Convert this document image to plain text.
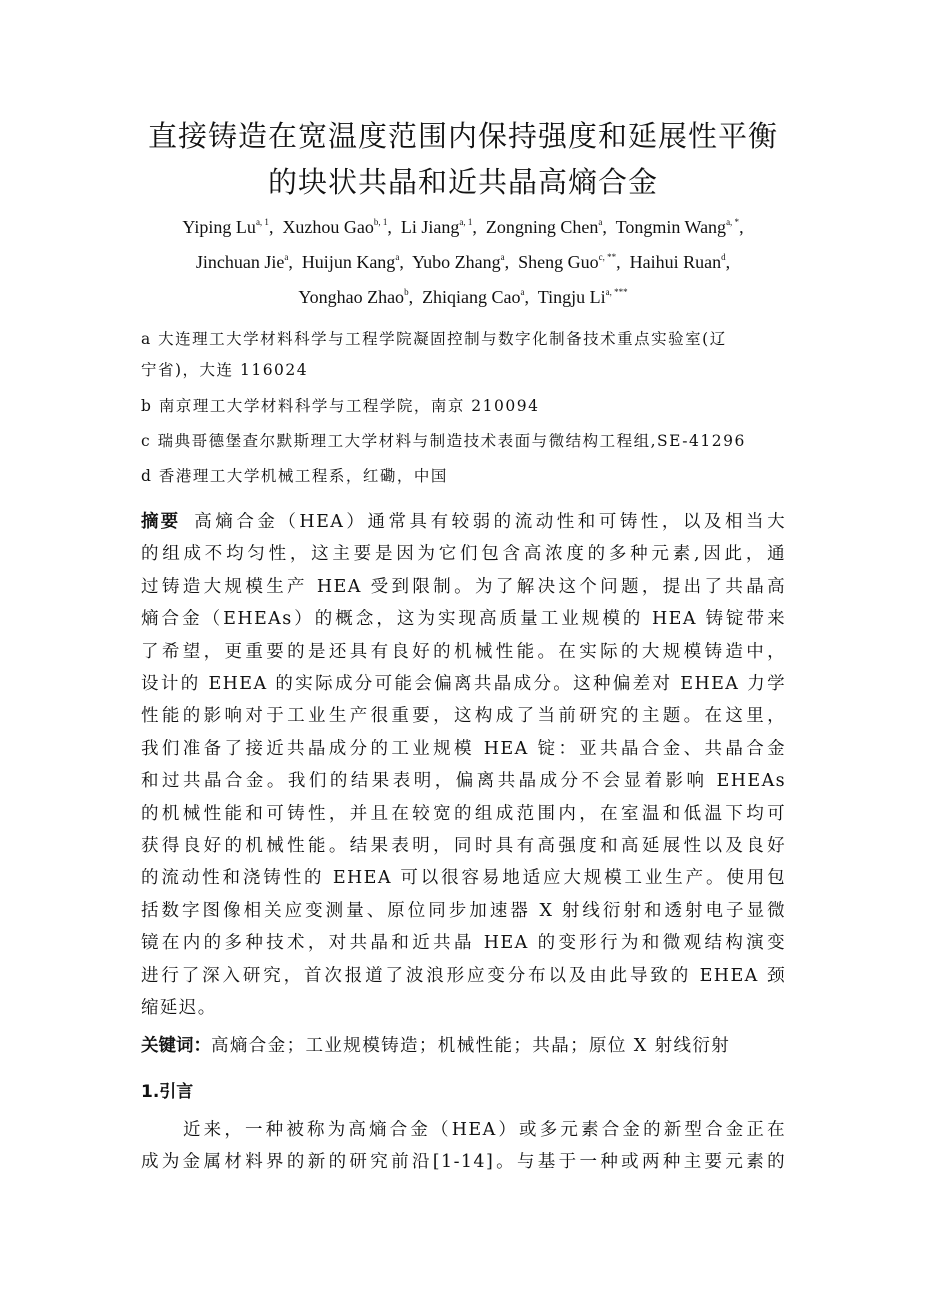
直接铸造在宽温度范围内保持强度和延展性平衡
的块状共晶和近共晶高熵合金
Yiping Lu$^{a, 1}$,  Xuzhou Gao$^{b, 1}$,  Li Jiang$^{a, 1}$,  Zongning Chen$^a$,  Tongmin Wang$^{a, *}$,
Jinchuan Jie$^a$,  Huijun Kang$^a$,  Yubo Zhang$^a$,  Sheng Guo$^{c, **}$,  Haihui Ruan$^d$,
Yonghao Zhao$^b$,  Zhiqiang Cao$^a$,  Tingju $Li^{a, ***}$
a 大连理工大学材料科学与工程学院凝固控制与数字化制备技术重点实验室(辽
宁省)，大连 116024
b 南京理工大学材料科学与工程学院，南京 210094
c 瑞典哥德堡查尔默斯理工大学材料与制造技术表面与微结构工程组,SE-41296
d 香港理工大学机械工程系，红磡，中国
摘要 高熵合金（HEA）通常具有较弱的流动性和可铸性，以及相当大
的组成不均匀性，这主要是因为它们包含高浓度的多种元素,因此，通
过铸造大规模生产 HEA 受到限制。为了解决这个问题，提出了共晶高
熵合金（EHEAs）的概念，这为实现高质量工业规模的 HEA 铸锭带来
了希望，更重要的是还具有良好的机械性能。在实际的大规模铸造中，
设计的 EHEA 的实际成分可能会偏离共晶成分。这种偏差对 EHEA 力学
性能的影响对于工业生产很重要，这构成了当前研究的主题。在这里，
我们准备了接近共晶成分的工业规模 HEA 锭：亚共晶合金、共晶合金
和过共晶合金。我们的结果表明，偏离共晶成分不会显着影响 EHEAs
的机械性能和可铸性，并且在较宽的组成范围内，在室温和低温下均可
获得良好的机械性能。结果表明，同时具有高强度和高延展性以及良好
的流动性和浇铸性的 EHEA 可以很容易地适应大规模工业生产。使用包
括数字图像相关应变测量、原位同步加速器 X 射线衍射和透射电子显微
镜在内的多种技术，对共晶和近共晶 HEA 的变形行为和微观结构演变
进行了深入研究，首次报道了波浪形应变分布以及由此导致的 EHEA 颈
缩延迟。
关键词：高熵合金；工业规模铸造；机械性能；共晶；原位 X 射线衍射
1.引言
近来，一种被称为高熵合金（HEA）或多元素合金的新型合金正在
成为金属材料界的新的研究前沿[1-14]。与基于一种或两种主要元素的
